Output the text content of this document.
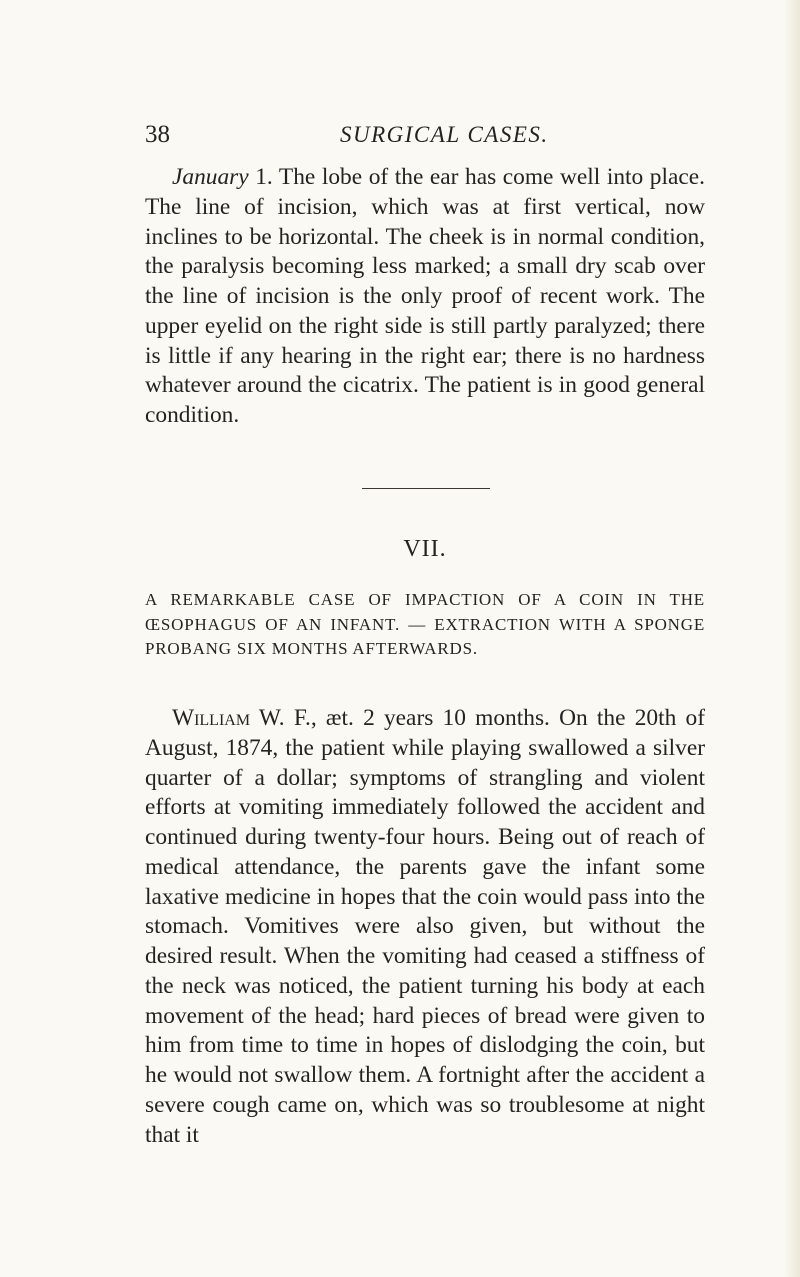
38	SURGICAL CASES.

January 1. The lobe of the ear has come well into place. The line of incision, which was at first vertical, now inclines to be horizontal. The cheek is in normal condition, the paralysis becoming less marked; a small dry scab over the line of incision is the only proof of recent work. The upper eyelid on the right side is still partly paralyzed; there is little if any hearing in the right ear; there is no hardness whatever around the cicatrix. The patient is in good general condition.

VII.

A REMARKABLE CASE OF IMPACTION OF A COIN IN THE ŒSOPHAGUS OF AN INFANT. — EXTRACTION WITH A SPONGE PROBANG SIX MONTHS AFTERWARDS.

William W. F., æt. 2 years 10 months. On the 20th of August, 1874, the patient while playing swallowed a silver quarter of a dollar; symptoms of strangling and violent efforts at vomiting immediately followed the accident and continued during twenty-four hours. Being out of reach of medical attendance, the parents gave the infant some laxative medicine in hopes that the coin would pass into the stomach. Vomitives were also given, but without the desired result. When the vomiting had ceased a stiffness of the neck was noticed, the patient turning his body at each movement of the head; hard pieces of bread were given to him from time to time in hopes of dislodging the coin, but he would not swallow them. A fortnight after the accident a severe cough came on, which was so troublesome at night that it
